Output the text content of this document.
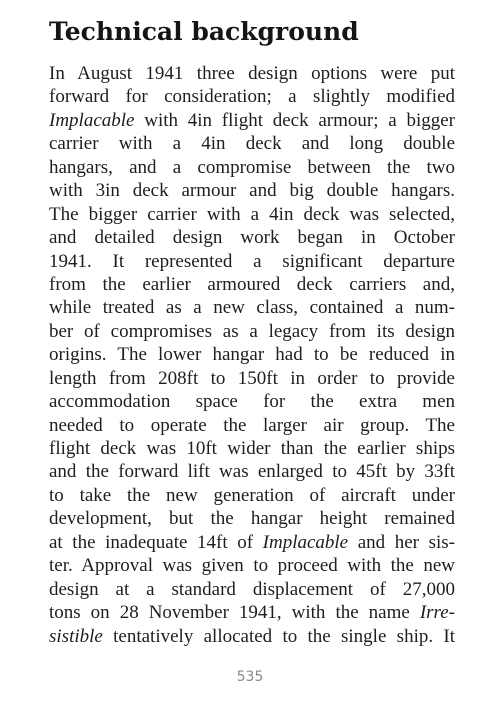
Technical background
In August 1941 three design options were put
forward for consideration; a slightly modified
Implacable with 4in flight deck armour; a bigger
carrier with a 4in deck and long double
hangars, and a compromise between the two
with 3in deck armour and big double hangars.
The bigger carrier with a 4in deck was selected,
and detailed design work began in October
1941. It represented a significant departure
from the earlier armoured deck carriers and,
while treated as a new class, contained a num-
ber of compromises as a legacy from its design
origins. The lower hangar had to be reduced in
length from 208ft to 150ft in order to provide
accommodation space for the extra men
needed to operate the larger air group. The
flight deck was 10ft wider than the earlier ships
and the forward lift was enlarged to 45ft by 33ft
to take the new generation of aircraft under
development, but the hangar height remained
at the inadequate 14ft of Implacable and her sis-
ter. Approval was given to proceed with the new
design at a standard displacement of 27,000
tons on 28 November 1941, with the name Irre-
sistible tentatively allocated to the single ship. It
535
